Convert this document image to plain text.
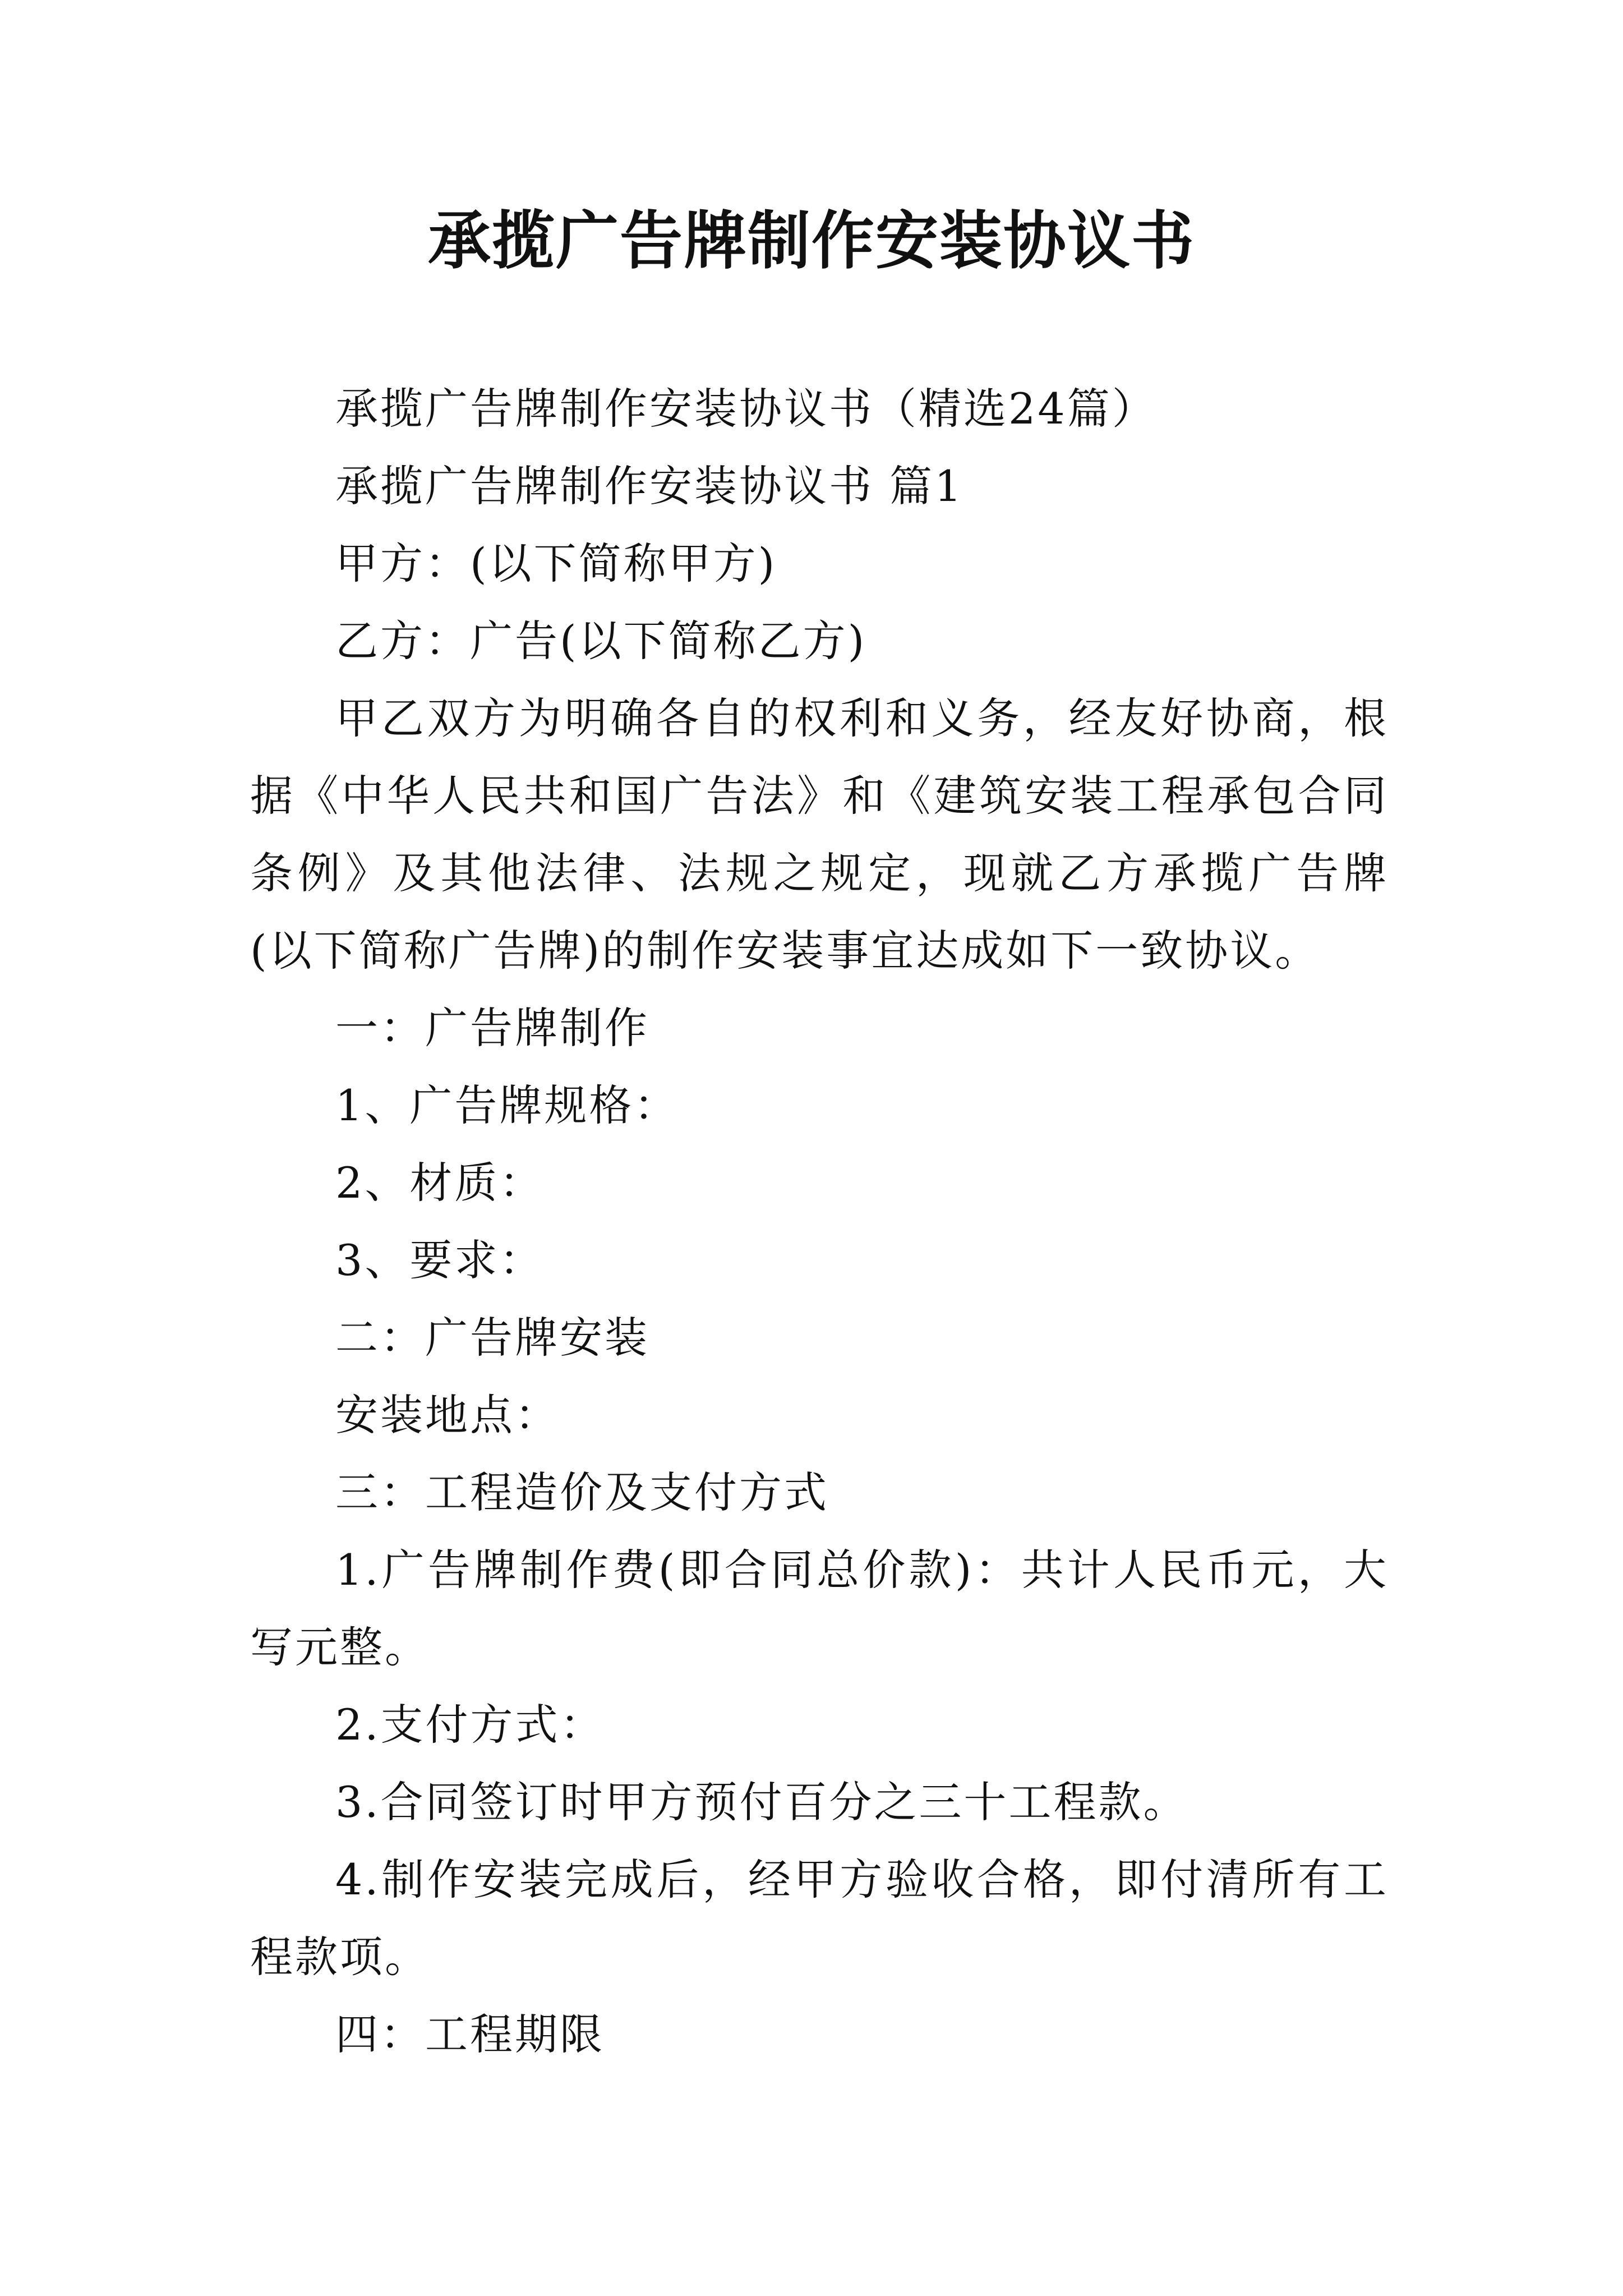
承揽广告牌制作安装协议书

承揽广告牌制作安装协议书（精选24篇）

承揽广告牌制作安装协议书 篇1

甲方：(以下简称甲方)

乙方：广告(以下简称乙方)

甲乙双方为明确各自的权利和义务，经友好协商，根据《中华人民共和国广告法》和《建筑安装工程承包合同条例》及其他法律、法规之规定，现就乙方承揽广告牌(以下简称广告牌)的制作安装事宜达成如下一致协议。

一：广告牌制作

1、广告牌规格：

2、材质：

3、要求：

二：广告牌安装

安装地点：

三：工程造价及支付方式

1.广告牌制作费(即合同总价款)：共计人民币元，大写元整。

2.支付方式：

3.合同签订时甲方预付百分之三十工程款。

4.制作安装完成后，经甲方验收合格，即付清所有工程款项。

四：工程期限
